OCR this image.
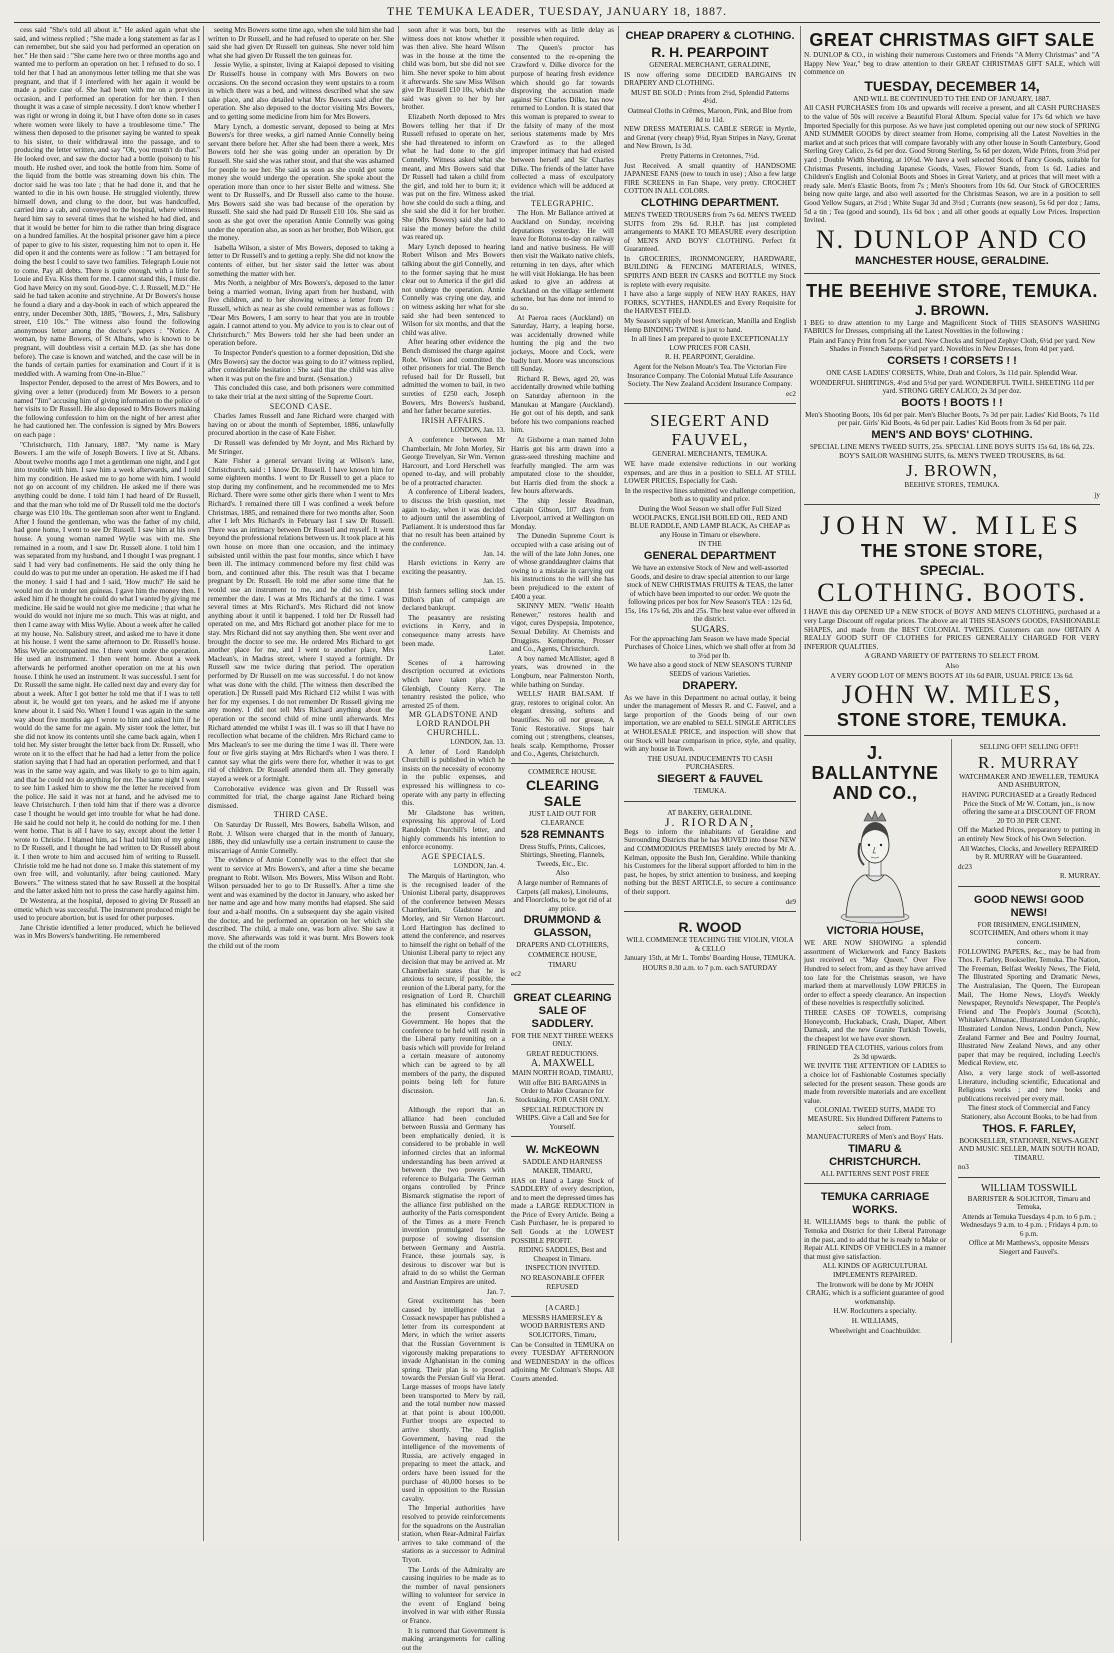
THE TEMUKA LEADER, TUESDAY, JANUARY 18, 1887.

cess said "She's told all about it." He asked again what she said, and witness replied ; "She made a long statement as far as I can remember, but she said you had performed an operation on her." He then said : "She came here two or three months ago and wanted me to perform an operation on her. I refused to do so. I told her that I had an anonymous letter telling me that she was pregnant, and that if I interfered with her again it would be made a police case of. She had been with me on a previous occasion, and I performed an operation for her then. I then thought it was a case of simple necessity. I don't know whether I was right or wrong in doing it, but I have often done so in cases where women were likely to have a troublesome time." The witness then deposed to the prisoner saying he wanted to speak to his sister, to their withdrawal into the passage, and to producing the letter written, and say "Oh, you mustn't do that." He looked over, and saw the doctor had a bottle (poison) to his mouth. He rushed over, and took the bottle from him. Some of the liquid from the bottle was streaming down his chin. The doctor said he was too late ; that he had done it, and that he wanted to die in his own house. He struggled violently, threw himself down, and clung to the door, but was handcuffed, carried into a cab, and conveyed to the hospital, where witness heard him say to several times that he wished he had died, and that it would be better for him to die rather than bring disgrace on a hundred families. At the hospital prisoner gave him a piece of paper to give to his sister, requesting him not to open it. He did open it and the contents were as follow : "I am betrayed for doing the best I could to save two families. Telegraph Louie not to come. Pay all debts. There is quite enough, with a little for Louie and Eva. Kiss them for me. I cannot stand this, I must die. God have Mercy on my soul. Good-bye. C. J. Russell, M.D." He said he had taken aconite and strychnine. At Dr Bowers's house he found a diary and a day-book in each of which appeared the entry, under December 30th, 1885, "Bowers, J., Mrs, Salisbury street, £10 10s." The witness also found the following anonymous letter among the doctor's papers : "Notice. A woman, by name Bowers, of St Albans, who is known to be pregnant, will doubtless visit a certain M.D. (as she has done before). The case is known and watched, and the case will be in the hands of certain parties for examination and Court if it is meddled with. A warning from One-in-Blue."

Inspector Pender, deposed to the arrest of Mrs Bowers, and to giving over a letter (produced) from Mr Bowers to a person named "Jim" accusing him of giving information to the police of her visits to Dr Russell. He also deposed to Mrs Bowers making the following confession to him on the night of her arrest after he had cautioned her. The confession is signed by Mrs Bowers on each page :

"Christchurch, 11th January, 1887. "My name is Mary Bowers. I am the wife of Joseph Bowers. I live at St. Albans. About twelve months ago I met a gentleman one night, and I got into trouble with him. I saw him a week afterwards, and I told him my condition. He asked me to go home with him. I would not go on account of my children. He asked me if there was anything could be done. I told him I had heard of Dr Russell, and that the man who told me of Dr Russell told me the doctor's charge was £10 10s. The gentleman soon after went to England. After I found the gentleman, who was the father of my child, had gone home, I went to see Dr Russell. I saw him at his own house. A young woman named Wylie was with me. She remained in a room, and I saw Dr. Russell alone. I told him I was separated from my husband, and I thought I was pregnant. I said I had very bad confinements. He said the only thing he could do was to put me under an operation. He asked me if I had the money. I said I had and I said, 'How much?' He said he would not do it under ten guineas. I gave him the money then. I asked him if he thought he could do what I wanted by giving me medicine. He said he would not give me medicine ; that what he would do would not injure me so much. This was at night, and then I came away with Miss Wylie. About a week after he called at my house, No. Salisbury street, and asked me to have it done at his house. I went the same afternoon to Dr. Russell's house. Miss Wylie accompanied me. I there went under the operation. He used an instrument. I then went home. About a week afterwards he performed another operation on me at his own house. I think he used an instrument. It was successful. I sent for Dr. Russell the same night. He called next day and every day for about a week. After I got better he told me that if I was to tell about it, he would get ten years, and he asked me if anyone knew about it. I said No. When I found I was again in the same way about five months ago I wrote to him and asked him if he would do the same for me again. My sister took the letter, but she did not know its contents until she came back again, when I told her. My sister brought the letter back from Dr. Russell, who wrote on it to the effect that he had had a letter from the police station saying that I had had an operation performed, and that I was in the same way again, and was likely to go to him again, and that he could not do anything for me. The same night I went to see him I asked him to show me the letter he received from the police. He said it was not at hand, and he advised me to leave Christchurch. I then told him that if there was a divorce case I thought he would get into trouble for what he had done. He said he could not help it, he could do nothing for me. I then went home. That is all I have to say, except about the letter I wrote to Christie. I blamed him, as I had told him of my going to Dr Russell, and I thought he had written to Dr Russell about it. I then wrote to him and accused him of writing to Russell. Christie told me he had not done so. I make this statement of my own free will, and voluntarily, after being cautioned. Mary Bowers." The witness stated that he saw Russell at the hospital and the latter asked him not to press the case hardly against him.

Dr Westenra, at the hospital, deposed to giving Dr Russell an emetic which was successful. The instrument produced might be used to procure abortion, but is used for other purposes.

Jane Christie identified a letter produced, which he believed was in Mrs Bowers's handwriting. He remembered

seeing Mrs Bowers some time ago, when she told him she had written to Dr Russell, and he had refused to operate on her. She said she had given Dr Russell ten guineas. She never told him what she had given Dr Russell the ten guineas for.

Jessie Wylie, a spinster, living at Kaiapoi deposed to visiting Dr Russell's house in company with Mrs Bowers on two occasions. On the second occasion they went upstairs to a room in which there was a bed, and witness described what she saw take place, and also detailed what Mrs Bowers said after the operation. She also deposed to the doctor visiting Mrs Bowers, and to getting some medicine from him for Mrs Bowers.

Mary Lynch, a domestic servant, deposed to being at Mrs Bowers's for three weeks, a girl named Annie Connelly being servant there before her. After she had been there a week, Mrs Bowers told her she was going under an operation by Dr Russell. She said she was rather stout, and that she was ashamed for people to see her. She said as soon as she could get some money she would undergo the operation. She spoke about the operation more than once to her sister Belle and witness. She went to Dr Russell's, and Dr Russell also came to the house. Mrs Bowers said she was bad because of the operation by Russell. She said she had paid Dr Russell £10 10s. She said as soon as she got over the operation Annie Connelly was going under the operation also, as soon as her brother, Bob Wilson, got the money.

Isabella Wilson, a sister of Mrs Bowers, deposed to taking a letter to Dr Russell's and to getting a reply. She did not know the contents of either, but her sister said the letter was about something the matter with her.

Mrs North, a neighbor of Mrs Bowers's, deposed to the latter being a married woman, living apart from her husband, with five children, and to her showing witness a letter from Dr Russell, which as near as she could remember was as follows : "Dear Mrs Bowers, I am sorry to hear that you are in trouble again. I cannot attend to you. My advice to you is to clear out of Christchurch." Mrs Bowers told her she had been under an operation before.

To Inspector Pender's question to a former deposition, Did she (Mrs Bowers) say the doctor was going to do it? witness replied, after considerable hesitation : She said that the child was alive when it was put on the fire and burnt. (Sensation.)

This concluded this case, and both prisoners were committed to take their trial at the next sitting of the Supreme Court.

SECOND CASE.

Charles James Russell and Jane Richard were charged with having on or about the month of September, 1886, unlawfully procured abortion in the case of Kate Fisher.

Dr Russell was defended by Mr Joynt, and Mrs Richard by Mr Stringer.

Kate Fisher a general servant living at Wilson's lane, Christchurch, said : I know Dr. Russell. I have known him for some eighteen months. I went to Dr Russell to get a place to stop during my confinement, and he recommended me to Mrs Richard. There were some other girls there when I went to Mrs Richard's. I remained there till I was confined a week before Christmas, 1885, and remained there for two months after. Soon after I left Mrs Richard's in February last I saw Dr Russell. There was an intimacy between Dr Russell and myself. It went beyond the professional relations between us. It took place at his own house on more than one occasion, and the intimacy subsisted until within the past four months, since which I have been ill. The intimacy commenced before my first child was born, and continued after this. The result was that I became pregnant by Dr. Russell. He told me after some time that he would use an instrument to me, and he did so. I cannot remember the date. I was at Mrs Richard's at the time. I was several times at Mrs Richard's. Mrs Richard did not know anything about it until it happened. I told her Dr Russell had operated on me, and Mrs Richard got another place for me to stay. Mrs Richard did not say anything then. She went over and brought the doctor to see me. He ordered Mrs Richard to get another place for me, and I went to another place, Mrs Maclean's, in Madras street, where I stayed a fortnight. Dr Russell saw me twice during that period. The operation performed by Dr Russell on me was successful. I do not know what was done with the child. [The witness then described the operation.] Dr Russell paid Mrs Richard £12 whilst I was with her for my expenses. I do not remember Dr Russell giving me any money. I did not tell Mrs Richard anything about the operation or the second child of mine until afterwards. Mrs Richard attended me whilst I was ill. I was so ill that I have no recollection what became of the children. Mrs Richard came to Mrs Maclean's to see me during the time I was ill. There were four or five girls staying at Mrs Richard's when I was there. I cannot say what the girls were there for, whether it was to get rid of children. Dr Russell attended them all. They generally stayed a week or a fortnight.

Corroborative evidence was given and Dr Russell was committed for trial, the charge against Jane Richard being dismissed.

THIRD CASE.

On Saturday Dr Russell, Mrs Bowers, Isabella Wilson, and Robt. J. Wilson were charged that in the month of January, 1886, they did unlawfully use a certain instrument to cause the miscarriage of Annie Connelly.

The evidence of Annie Connelly was to the effect that she went to service at Mrs Bowers's, and after a time she became pregnant to Robt. Wilson. Mrs Bowers, Miss Wilson and Robt. Wilson persuaded her to go to Dr Russell's. After a time she went and was examined by the doctor in January, who asked her her name and age and how many months had elapsed. She said four and a-half months. On a subsequent day she again visited the doctor, and he performed an operation on her which she described. The child, a male one, was born alive. She saw it move. She afterwards was told it was burnt. Mrs Bowers took the child out of the room

soon after it was born, but the witness does not know whether it was then alive. She heard Wilson was in the house at the time the child was born, but she did not see him. She never spoke to him about it afterwards. She saw Miss Wilson give Dr Russell £10 10s, which she said was given to her by her brother.

Elizabeth North deposed to Mrs Bowers telling her that if Dr Russell refused to operate on her, she had threatened to inform on what he had done to the girl Connelly. Witness asked what she meant, and Mrs Bowers said that Dr Russell had taken a child from the girl, and told her to burn it; it was put on the fire. Witness asked how she could do such a thing, and she said she did it for her brother. She (Mrs Bowers) said she had to raise the money before the child was reared up.

Mary Lynch deposed to hearing Robert Wilson and Mrs Bowers talking about the girl Connelly, and to the former saying that he must clear out to America if the girl did not undergo the operation. Annie Connelly was crying one day, and on witness asking her what for she said she had been sentenced to Wilson for six months, and that the child was alive.

After hearing other evidence the Bench dismissed the charge against Robt. Wilson and committed the other prisoners for trial. The Bench refused bail for Dr Russell, but admitted the women to bail, in two sureties of £250 each, Joseph Bowers, Mrs Bowers's husband, and her father became sureties.

IRISH AFFAIRS.

LONDON, Jan. 13.

A conference between Mr Chamberlain, Mr John Morley, Sir George Trevelyan, Sir Wm. Vernon Harcourt, and Lord Herschell was opened to-day, and will probably be of a protracted character.

A conference of Liberal leaders, to discuss the Irish question, met again to-day, when it was decided to adjourn until the assembling of Parliament. It is understood thus far that no result has been attained by the conference.

Jan. 14.

Harsh evictions in Kerry are exciting the peasantry.

Jan. 15.

Irish farmers selling stock under Dillon's plan of campaign are declared bankrupt.

The peasantry are resisting evictions in Kerry, and in consequence many arrests have been made.

Later.

Scenes of a harrowing description occurred at evictions which have taken place in Glenbigh, County Kerry. The tenantry resisted the police, who arrested 25 of them.

MR GLADSTONE AND LORD RANDOLPH CHURCHILL.

LONDON, Jan. 13.

A letter of Lord Randolph Churchill is published in which he insists on the necessity of economy in the public expenses, and expressed his willingness to co-operate with any party in effecting this.

Mr Gladstone has written, expressing his approval of Lord Randolph Churchill's letter, and highly commends his intention to enforce economy.

AGE SPECIALS.

LONDON, Jan. 4.

The Marquis of Hartington, who is the recognised leader of the Unionist Liberal party, disapproves of the conference between Messrs Chamberlain, Gladstone and Morley, and Sir Vernon Harcourt. Lord Hartington has declined to attend the conference, and reserves to himself the right on behalf of the Unionist Liberal party to reject any decision that may be arrived at. Mr Chamberlain states that he is anxious to secure, if possible, the reunion of the Liberal party, for the resignation of Lord R. Churchill has eliminated his confidence in the present Conservative Government. He hopes that the conference to be held will result in the Liberal party reuniting on a basis which will provide for Ireland a certain measure of autonomy which can be agreed to by all members of the party, the disputed points being left for future discussion.

Jan. 6.

Although the report that an alliance had been concluded between Russia and Germany has been emphatically denied, it is considered to be probable in well informed circles that an informal understanding has been arrived at between the two powers with reference to Bulgaria. The German organs controlled by Prince Bismarck stigmatise the report of the alliance first published on the authority of the Paris correspondent of the Times as a mere French invention promulgated for the purpose of sowing dissension between Germany and Austria. France, these journals say, is desirous to discover war but is afraid to do so whilst the German and Austrian Empires are united.

Jan. 7.

Great excitement has been caused by intelligence that a Cossack newspaper has published a letter from its correspondent at Merv, in which the writer asserts that the Russian Government is vigorously making preparations to invade Afghanistan in the coming spring. Their plan is to proceed towards the Persian Gulf via Herat. Large masses of troops have lately been transported to Merv by rail, and the total number now massed at that point is about 100,000. Further troops are expected to arrive shortly. The English Government, having read the intelligence of the movements of Russia, are actively engaged in preparing to meet the attack, and orders have been issued for the purchase of 40,000 horses to be used in opposition to the Russian cavalry.

The Imperial authorities have resolved to provide reinforcements for the squadrons on the Australian station, when Rear-Admiral Fairfax arrives to take command of the stations as a successor to Admiral Tryon.

The Lords of the Admiralty are causing inquiries to be made as to the number of naval pensioners willing to volunteer for service in the event of England being involved in war with either Russia or France.

It is rumored that Government is making arrangements for calling out the

reserves with as little delay as possible when required.

The Queen's proctor has consented to the re-opening the Crawford v. Dilke divorce for the purpose of hearing fresh evidence which should go far towards disproving the accusation made against Sir Charles Dilke, has now returned to London. It is stated that this woman is prepared to swear to the falsity of many of the most serious statements made by Mrs Crawford as to the alleged improper intimacy that had existed between herself and Sir Charles Dilke. The friends of the latter have collected a mass of exculpatory evidence which will be adduced at the trial.

TELEGRAPHIC.

The Hon. Mr Ballance arrived at Auckland on Sunday, receiving deputations yesterday. He will leave for Rotorua to-day on railway land and native business. He will then visit the Waikato native chiefs, returning in ten days, after which he will visit Hokianga. He has been asked to give an address at Auckland on the village settlement scheme, but has done not intend to do so.

At Paeroa races (Auckland) on Saturday, Harry, a leaping horse, was accidentally drowned while hunting the pig and the two jockeys, Moore and Cock, were badly hurt. Moore was unconscious till Sunday.

Richard R. Bews, aged 20, was accidentally drowned while bathing on Saturday afternoon in the Manukau at Mangare (Auckland). He got out of his depth, and sank before his two companions reached him.

At Gisborne a man named John Harris got his arm drawn into a grass-seed threshing machine and fearfully mangled. The arm was amputated close to the shoulder, but Harris died from the shock a few hours afterwards.

The ship Jessie Readman, Captain Gibson, 107 days from Liverpool, arrived at Wellington on Monday.

The Dunedin Supreme Court is occupied with a case arising out of the will of the late John Jones, one of whose granddaughter claims that owing to a mistake in carrying out his instructions to the will she has been prejudiced to the extent of £400 a year.

SKINNY MEN. "Wells' Health Renewer," restores health and vigor, cures Dyspepsia, Impotence, Sexual Debility. At Chemists and Druggists. Kempthorne, Prosser and Co., Agents, Christchurch.

A boy named McAllister, aged 8 years, was drowned in the Longburn, near Palmerston North, while bathing on Sunday.

WELLS' HAIR BALSAM. If gray, restores to original color. An elegant dressing, softens and beautifies. No oil nor grease, A Tonic Restorative. Stops hair coming out ; strengthens, cleanses, heals scalp. Kempthorne, Prosser and Co., Agents, Christchurch.

COMMERCE HOUSE.

CLEARING SALE

JUST LAID OUT FOR CLEARANCE

528 REMNANTS

Dress Stuffs, Prints, Calicoes, Shirtings, Sheeting, Flannels, Tweeds, Etc., Etc.

Also

A large number of Remnants of Carpets (all makes), Linoleums, and Floorcloths, to be got rid of at any price.

DRUMMOND & GLASSON,

DRAPERS AND CLOTHIERS,

COMMERCE HOUSE,

TIMARU

ec2

GREAT CLEARING SALE OF SADDLERY.

FOR THE NEXT THREE WEEKS ONLY.

GREAT REDUCTIONS.

A. MAXWELL

MAIN NORTH ROAD, TIMARU,

Will offer BIG BARGAINS in Order to Make Clearance for Stocktaking. FOR CASH ONLY.

SPECIAL REDUCTION IN WHIPS. Give a Call and See for Yourself.

W. McKEOWN

SADDLE AND HARNESS MAKER, TIMARU,

HAS on Hand a Large Stock of SADDLERY of every description, and to meet the depressed times has made a LARGE REDUCTION in the Price of Every Article. Being a Cash Purchaser, he is prepared to Sell Goods at the LOWEST POSSIBLE PROFIT.

RIDING SADDLES, Best and Cheapest in Timaru.

INSPECTION INVITED.

NO REASONABLE OFFER REFUSED

[A CARD.]

MESSRS HAMERSLEY & WOOD BARRISTERS AND SOLICITORS, Timaru,

Can be Consulted in TEMUKA on every TUESDAY AFTERNOON and WEDNESDAY in the offices adjoining Mr Coltman's Shops. All Courts attended.

CHEAP DRAPERY & CLOTHING.

R. H. PEARPOINT

GENERAL MERCHANT, GERALDINE,

IS now offering some DECIDED BARGAINS IN DRAPERY AND CLOTHING.

MUST BE SOLD : Prints from 2½d, Splendid Patterns 4½d.

Oatmeal Cloths in Crêmes, Maroon, Pink, and Blue from 8d to 11d.

NEW DRESS MATERIALS. CABLE SERGE in Myrtle, and Grenat (very cheap) 9½d, Ryan Stripes in Navy, Grenat and New Brown, 1s 3d.

Pretty Patterns in Cretonnes, 7½d.

Just Received. A small quantity of HANDSOME JAPANESE FANS (new to touch in use) ; Also a few large FIRE SCREENS in Fan Shape, very pretty. CROCHET COTTON IN ALL COLORS.

CLOTHING DEPARTMENT.

MEN'S TWEED TROUSERS from 7s 6d. MEN'S TWEED SUITS from 29s 6d. R.H.P. has just completed arrangements to MAKE TO MEASURE every description of MEN'S AND BOYS' CLOTHING. Perfect fit Guaranteed.

In GROCERIES, IRONMONGERY, HARDWARE, BUILDING & FENCING MATERIALS, WINES, SPIRITS AND BEER IN CASKS and BOTTLE my Stock is replete with every requisite.

I have also a large supply of NEW HAY RAKES, HAY FORKS, SCYTHES, HANDLES and Every Requisite for the HARVEST FIELD.

My Season's supply of best American, Manilla and English Hemp BINDING TWINE is just to hand.

In all lines I am prepared to quote EXCEPTIONALLY LOW PRICES FOR CASH.

R. H. PEARPOINT, Geraldine.

Agent for the Nelson Moate's Tea. The Victorian Fire Insurance Company. The Colonial Mutual Life Assurance Society. The New Zealand Accident Insurance Company.

ec2

SIEGERT AND FAUVEL,

GENERAL MERCHANTS, TEMUKA.

WE have made extensive reductions in our working expenses, and are thus in a position to SELL AT STILL LOWER PRICES, Especially for Cash.

In the respective lines submitted we challenge competition, both as to quality and price.

During the Wool Season we shall offer Full Sized WOOLPACKS, ENGLISH BOILED OIL, RED AND BLUE RADDLE, AND LAMP BLACK, As CHEAP as any House in Timaru or elsewhere.

IN THE

GENERAL DEPARTMENT

We have an extensive Stock of New and well-assorted Goods, and desire to draw special attention to our large stock of NEW CHRISTMAS FRUITS & TEAS, the latter of which have been imported to our order. We quote the following prices per box for New Season's TEA : 12s 6d, 15s, 16s 17s 6d, 20s and 25s. The best value ever offered in the district.

SUGARS.

For the approaching Jam Season we have made Special Purchases of Choice Lines, which we shall offer at from 3d to 3½d per lb.

We have also a good stock of NEW SEASON'S TURNIP SEEDS of various Varieties.

DRAPERY.

As we have in this Department no actual outlay, it being under the management of Messrs R. and C. Fauvel, and a large proportion of the Goods being of our own importation, we are enabled to SELL SINGLE ARTICLES at WHOLESALE PRICE, and inspection will show that our Stock will bear comparison in price, style, and quality, with any house in Town.

THE USUAL INDUCEMENTS TO CASH PURCHASERS.

SIEGERT & FAUVEL

TEMUKA.

AT BAKERY, GERALDINE.

J. RIORDAN,

Begs to inform the inhabitants of Geraldine and Surrounding Districts that he has MOVED into those NEW and COMMODIOUS PREMISES lately erected by Mr A. Kelman, opposite the Bush Inn, Geraldine. While thanking his Customers for the liberal support afforded to him in the past, he hopes, by strict attention to business, and keeping nothing but the BEST ARTICLE, to secure a continuance of their support.

de9

R. WOOD

WILL COMMENCE TEACHING THE VIOLIN, VIOLA & CELLO

January 15th, at Mr L. Tombs' Boarding House, TEMUKA.

HOURS 8.30 a.m. to 7 p.m. each SATURDAY

GREAT CHRISTMAS GIFT SALE

N. DUNLOP & CO., in wishing their numerous Customers and Friends "A Merry Christmas" and "A Happy New Year," beg to draw attention to their GREAT CHRISTMAS GIFT SALE, which will commence on

TUESDAY, DECEMBER 14,

AND WILL BE CONTINUED TO THE END OF JANUARY, 1887.

All CASH PURCHASES from 10s and upwards will receive a present, and all CASH PURCHASES to the value of 50s will receive a Beautiful Floral Album. Special value for 17s 6d which we have Imported Specially for this purpose. As we have just completed opening out our new stock of SPRING AND SUMMER GOODS by direct steamer from Home, comprising all the Latest Novelties in the market and at such prices that will compare favorably with any other house in South Canterbury, Good Sterling Grey Calico, 2s 6d per doz. Good Strong Sterling, 5s 6d per dozen, Wide Prints, from 3½d per yard ; Double Width Sheeting, at 10½d. We have a well selected Stock of Fancy Goods, suitable for Christmas Presents, including Japanese Goods, Vases, Flower Stands, from 1s 6d. Ladies and Children's English and Colonial Boots and Shoes in Great Variety, and at prices that will meet with a ready sale. Men's Elastic Boots, from 7s ; Men's Shooters from 10s 6d. Our Stock of GROCERIES being now quite large, and also well assorted for the Christmas Season, we are in a position to sell Good Yellow Sugars, at 2½d ; White Sugar 3d and 3½d ; Currants (new season), 5s 6d per doz ; Jams, 5d a tin ; Tea (good and sound), 11s 6d box ; and all other goods at equally Low Prices. Inspection Invited.

N. DUNLOP AND CO

MANCHESTER HOUSE, GERALDINE.

THE BEEHIVE STORE, TEMUKA.

J. BROWN.

I BEG to draw attention to my Large and Magnificent Stock of THIS SEASON'S WASHING FABRICS for Dresses, comprising all the Latest Novelties in the following :

Plain and Fancy Print from 5d per yard. New Checks and Striped Zephyr Cloth, 6½d per yard. New Shades in French Sateens 6½d per yard. Novelties in New Dresses, from 4d per yard.

CORSETS ! CORSETS ! !

ONE CASE LADIES' CORSETS, White, Drab and Colors, 3s 11d pair. Splendid Wear.

WONDERFUL SHIRTINGS, 4½d and 5½d per yard. WONDERFUL TWILL SHEETING 11d per yard. STRONG GREY CALICO, 2s 3d per doz.

BOOTS ! BOOTS ! !

Men's Shooting Boots, 10s 6d per pair. Men's Blucher Boots, 7s 3d per pair. Ladies' Kid Boots, 7s 11d per pair. Girls' Kid Boots, 4s 6d per pair. Ladies' Kid Boots from 3s 6d per pair.

MEN'S AND BOYS' CLOTHING.

SPECIAL LINE MEN'S TWEED SUITS, 25s. SPECIAL LINE BOYS SUITS 15s 6d, 18s 6d, 22s. BOY'S SAILOR WASHING SUITS, 6s. MEN'S TWEED TROUSERS, 8s 6d.

J. BROWN,

BEEHIVE STORES, TEMUKA.

jy

JOHN W. MILES

THE STONE STORE,

SPECIAL.

CLOTHING. BOOTS.

I HAVE this day OPENED UP a NEW STOCK of BOYS' AND MEN'S CLOTHING, purchased at a very Large Discount off regular prices. The above are all THIS SEASON'S GOODS, FASHIONABLE SHAPES, and made from the BEST COLONIAL TWEEDS. Customers can now OBTAIN A REALLY GOOD SUIT OF CLOTHES for PRICES GENERALLY CHARGED FOR VERY INFERIOR QUALITIES.

A GRAND VARIETY OF PATTERNS TO SELECT FROM.

Also

A VERY GOOD LOT OF MEN'S BOOTS AT 10s 6d PAIR, USUAL PRICE 13s 6d.

JOHN W. MILES,

STONE STORE, TEMUKA.

J. BALLANTYNE AND CO.,

VICTORIA HOUSE,

WE ARE NOW SHOWING a splendid assortment of Wickerwork and Fancy Baskets just received ex "May Queen." Over Five Hundred to select from, and as they have arrived too late for the Christmas season, we have marked them at marvellously LOW PRICES in order to effect a speedy clearance. An inspection of these novelties is respectfully solicited.

THREE CASES OF TOWELS, comprising Honeycomb, Huckaback, Crash, Diaper, Albert Damask, and the new Granite Turkish Towels, the cheapest lot we have ever shown.

FRINGED TEA CLOTHS, various colors from 2s 3d upwards.

WE INVITE THE ATTENTION OF LADIES to a choice lot of Fashionable Costumes specially selected for the present season. These goods are made from reversible materials and are excellent value.

COLONIAL TWEED SUITS, MADE TO MEASURE. Six Hundred Different Patterns to select from.

MANUFACTURERS of Men's and Boys' Hats.

TIMARU & CHRISTCHURCH.

ALL PATTERNS SENT POST FREE

TEMUKA CARRIAGE WORKS.

H. WILLIAMS begs to thank the public of Temuka and District for their Liberal Patronage in the past, and to add that he is ready to Make or Repair ALL KINDS OF VEHICLES in a manner that must give satisfaction.

ALL KINDS OF AGRICULTURAL IMPLEMENTS REPAIRED.

The Ironwork will be done by Mr JOHN CRAIG, which is a sufficient guarantee of good workmanship.

H.W. Roclcutters a specialty.

H. WILLIAMS,

Wheelwright and Coachbuilder.

SELLING OFF! SELLING OFF!!

R. MURRAY

WATCHMAKER AND JEWELLER, TEMUKA AND ASHBURTON,

HAVING PURCHASED at a Greatly Reduced Price the Stock of Mr W. Cottam, jun., is now offering the same at a DISCOUNT OF FROM 20 TO 30 PER CENT.

Off the Marked Prices, preparatory to putting in an entirely New Stock of his Own Selection.

All Watches, Clocks, and Jewellery REPAIRED by R. MURRAY will be Guaranteed.

dc23

R. MURRAY.

GOOD NEWS! GOOD NEWS!

FOR IRISHMEN, ENGLISHMEN, SCOTCHMEN, And others whom it may concern.

FOLLOWING PAPERS, &c., may be had from Thos. F. Farley, Bookseller, Temuka. The Nation, The Freeman, Belfast Weekly News, The Field, The Illustrated Sporting and Dramatic News, The Australasian, The Queen, The European Mail, The Home News, Lloyd's Weekly Newspaper, Reynold's Newspaper, The People's Friend and The People's Journal (Scotch), Whitaker's Almanac, Illustrated London Graphic, Illustrated London News, London Punch, New Zealand Farmer and Bee and Poultry Journal, Illustrated New Zealand News, and any other paper that may be required, including Leech's Medical Review, etc.

Also, a very large stock of well-assorted Literature, including scientific, Educational and Religious works ; and new books and publications received per every mail.

The finest stock of Commercial and Fancy Stationery, also Account Books, to be had from

THOS. F. FARLEY,

BOOKSELLER, STATIONER, NEWS-AGENT AND MUSIC SELLER, MAIN SOUTH ROAD, TIMARU.

no3

WILLIAM TOSSWILL

BARRISTER & SOLICITOR, Timaru and Temuka,

Attends at Temuka Tuesdays 4 p.m. to 6 p.m. ; Wednesdays 9 a.m. to 4 p.m. ; Fridays 4 p.m. to 6 p.m.

Office at Mr Matthews's, opposite Messrs Siegert and Fauvel's.
